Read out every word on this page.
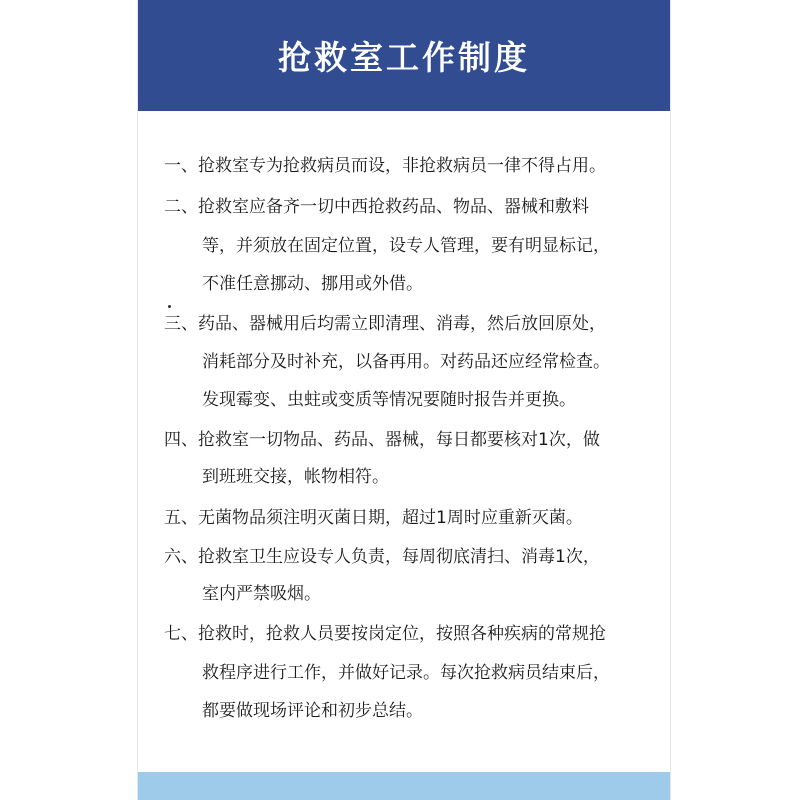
抢救室工作制度
一、抢救室专为抢救病员而设，非抢救病员一律不得占用。
二、抢救室应备齐一切中西抢救药品、物品、器械和敷料
等，并须放在固定位置，设专人管理，要有明显标记，
不准任意挪动、挪用或外借。
三、药品、器械用后均需立即清理、消毒，然后放回原处，
消耗部分及时补充，以备再用。对药品还应经常检查。
发现霉变、虫蛀或变质等情况要随时报告并更换。
四、抢救室一切物品、药品、器械，每日都要核对1次，做
到班班交接，帐物相符。
五、无菌物品须注明灭菌日期，超过1周时应重新灭菌。
六、抢救室卫生应设专人负责，每周彻底清扫、消毒1次，
室内严禁吸烟。
七、抢救时，抢救人员要按岗定位，按照各种疾病的常规抢
救程序进行工作，并做好记录。每次抢救病员结束后，
都要做现场评论和初步总结。
